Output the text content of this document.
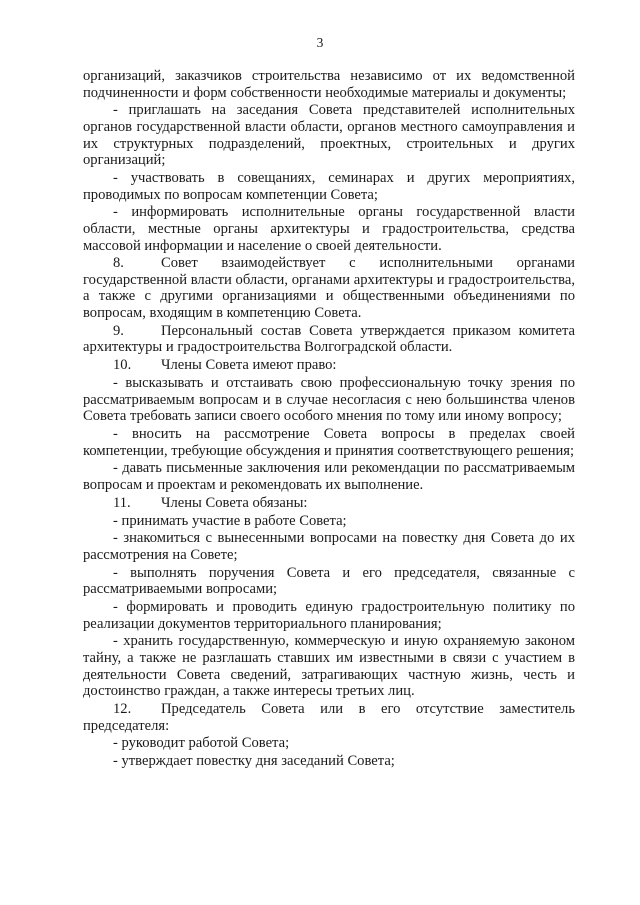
3

организаций, заказчиков строительства независимо от их ведомственной подчиненности и форм собственности необходимые материалы и документы;

- приглашать на заседания Совета представителей исполнительных органов государственной власти области, органов местного самоуправления и их структурных подразделений, проектных, строительных и других организаций;

- участвовать в совещаниях, семинарах и других мероприятиях, проводимых по вопросам компетенции Совета;

- информировать исполнительные органы государственной власти области, местные органы архитектуры и градостроительства, средства массовой информации и население о своей деятельности.

8.	Совет взаимодействует с исполнительными органами государственной власти области, органами архитектуры и градостроительства, а также с другими организациями и общественными объединениями по вопросам, входящим в компетенцию Совета.

9.	Персональный состав Совета утверждается приказом комитета архитектуры и градостроительства Волгоградской области.

10. Члены Совета имеют право:

- высказывать и отстаивать свою профессиональную точку зрения по рассматриваемым вопросам и в случае несогласия с нею большинства членов Совета требовать записи своего особого мнения по тому или иному вопросу;

- вносить на рассмотрение Совета вопросы в пределах своей компетенции, требующие обсуждения и принятия соответствующего решения;

- давать письменные заключения или рекомендации по рассматриваемым вопросам и проектам и рекомендовать их выполнение.

11. Члены Совета обязаны:

- принимать участие в работе Совета;

- знакомиться с вынесенными вопросами на повестку дня Совета до их рассмотрения на Совете;

- выполнять поручения Совета и его председателя, связанные с рассматриваемыми вопросами;

- формировать и проводить единую градостроительную политику по реализации документов территориального планирования;

- хранить государственную, коммерческую и иную охраняемую законом тайну, а также не разглашать ставших им известными в связи с участием в деятельности Совета сведений, затрагивающих частную жизнь, честь и достоинство граждан, а также интересы третьих лиц.

12. Председатель Совета или в его отсутствие заместитель председателя:

- руководит работой Совета;

- утверждает повестку дня заседаний Совета;
